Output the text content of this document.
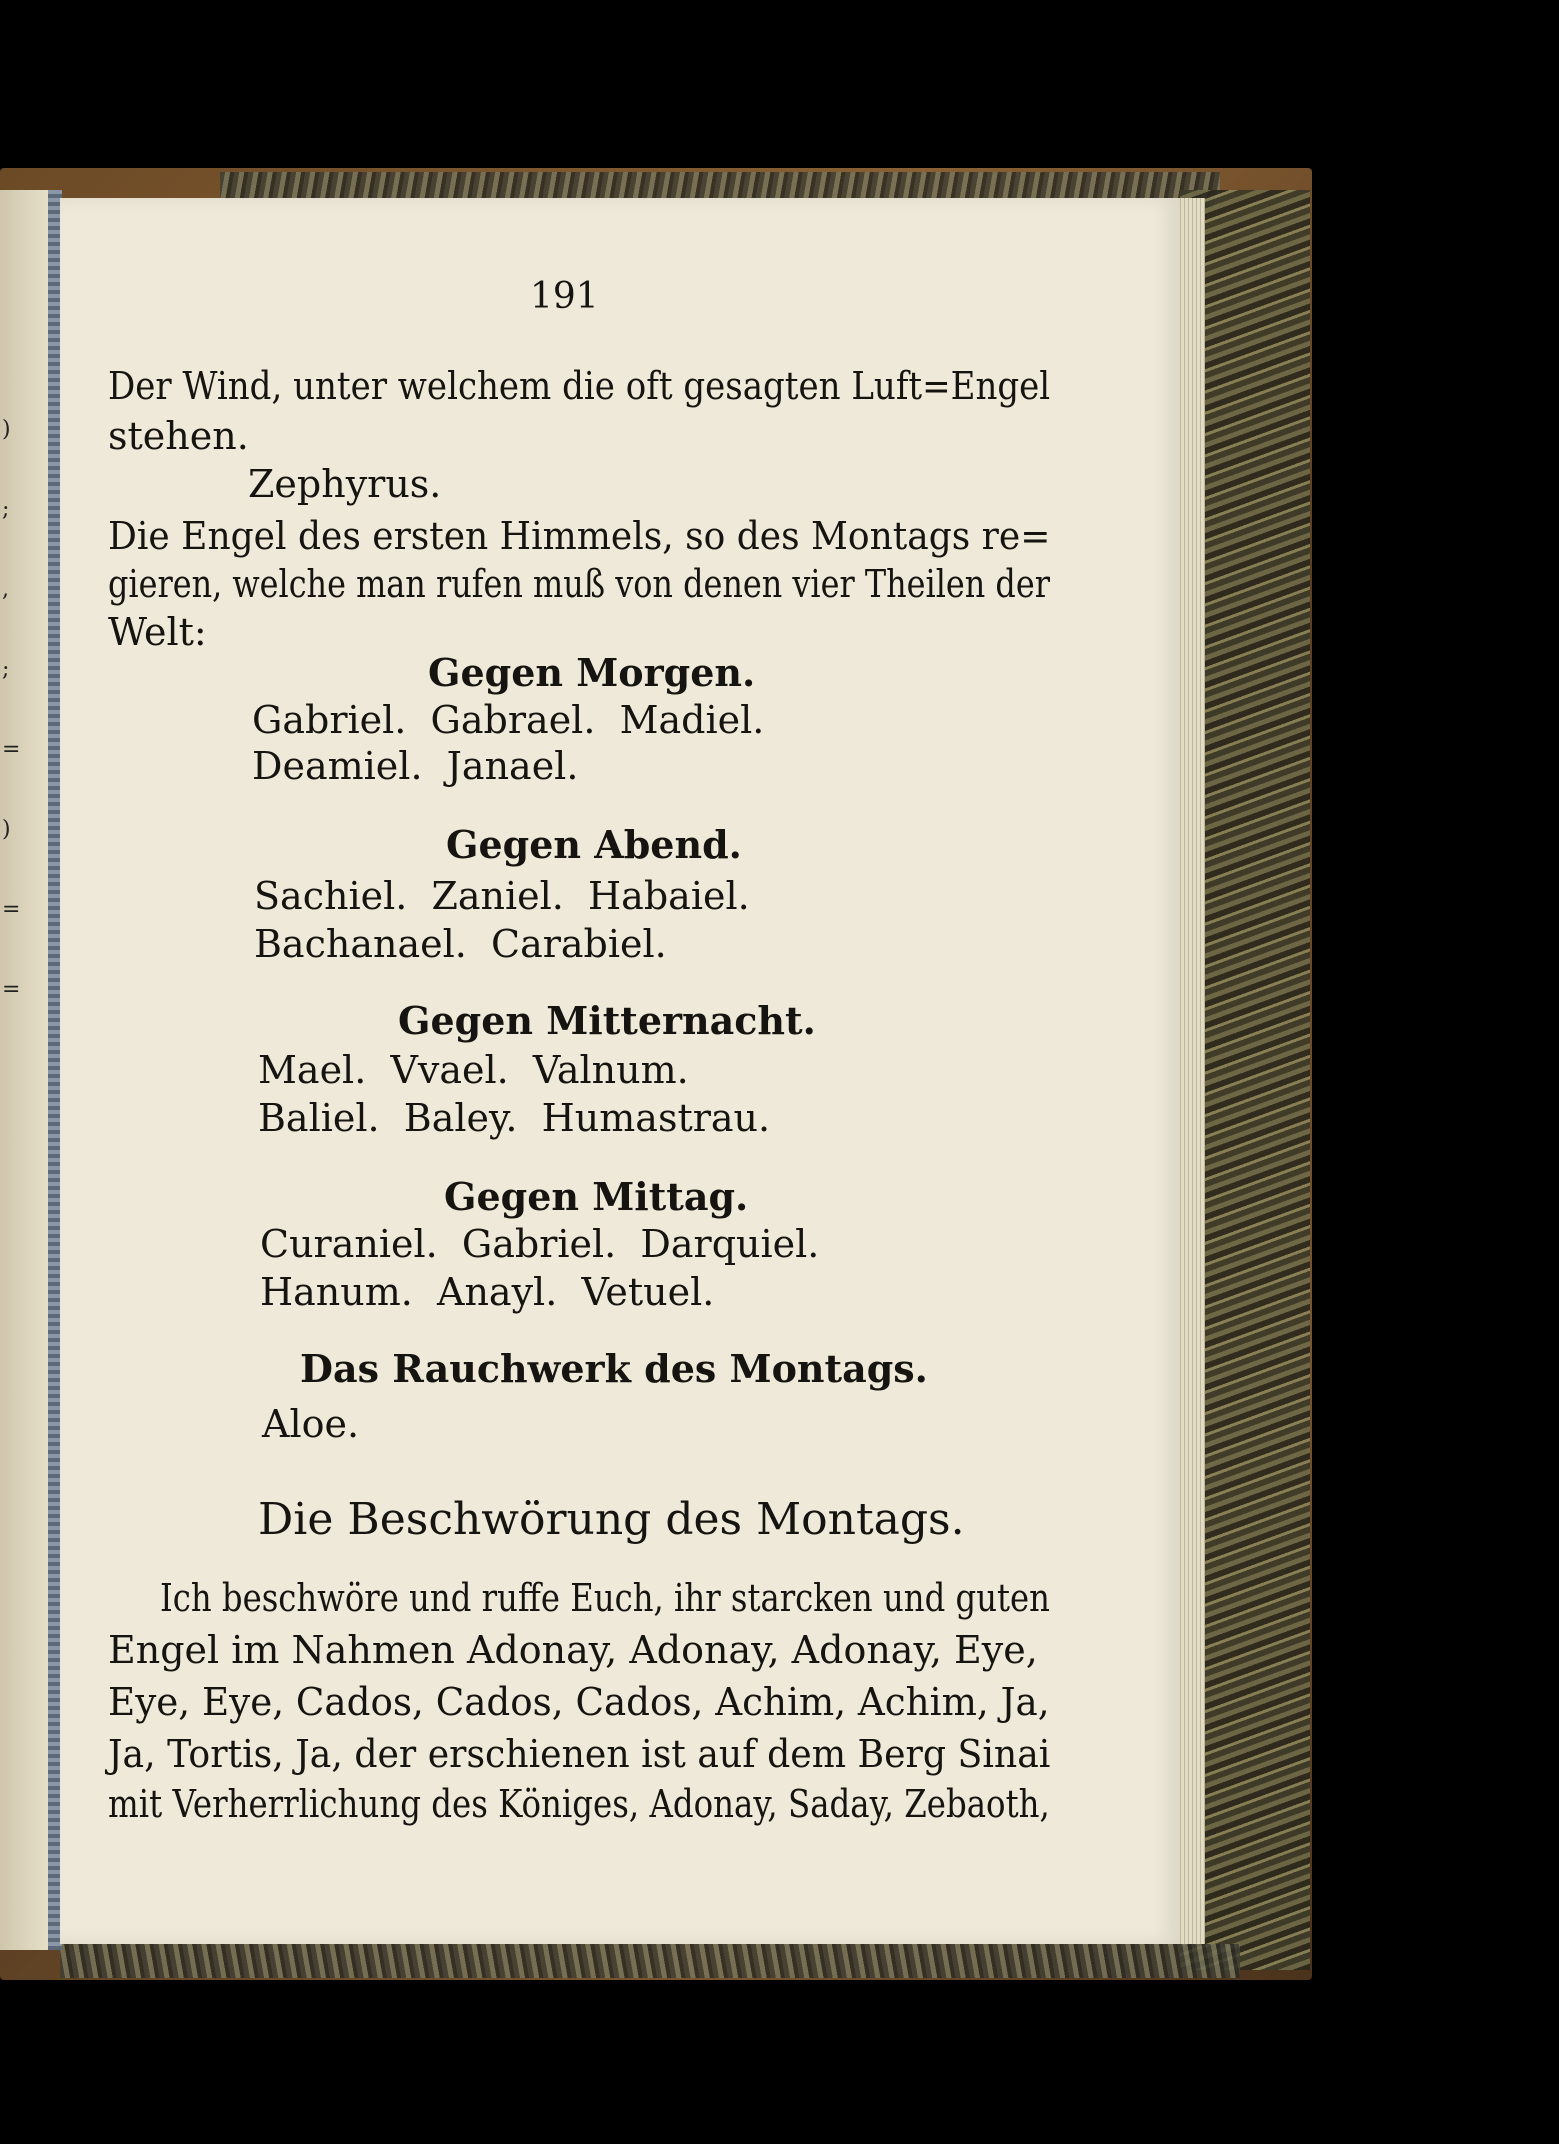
)
;
,
;
=
)
=
=
191
Der Wind, unter welchem die oft gesagten Luft=Engel
stehen.
Zephyrus.
Die Engel des ersten Himmels, so des Montags re=
gieren, welche man rufen muß von denen vier Theilen der
Welt:
Gegen Morgen.
Gabriel.  Gabrael.  Madiel.
Deamiel.  Janael.
Gegen Abend.
Sachiel.  Zaniel.  Habaiel.
Bachanael.  Carabiel.
Gegen Mitternacht.
Mael.  Vvael.  Valnum.
Baliel.  Baley.  Humastrau.
Gegen Mittag.
Curaniel.  Gabriel.  Darquiel.
Hanum.  Anayl.  Vetuel.
Das Rauchwerk des Montags.
Aloe.
Die Beschwörung des Montags.
Ich beschwöre und ruffe Euch, ihr starcken und guten
Engel im Nahmen Adonay, Adonay, Adonay, Eye,
Eye, Eye, Cados, Cados, Cados, Achim, Achim, Ja,
Ja, Tortis, Ja, der erschienen ist auf dem Berg Sinai
mit Verherrlichung des Königes, Adonay, Saday, Zebaoth,
